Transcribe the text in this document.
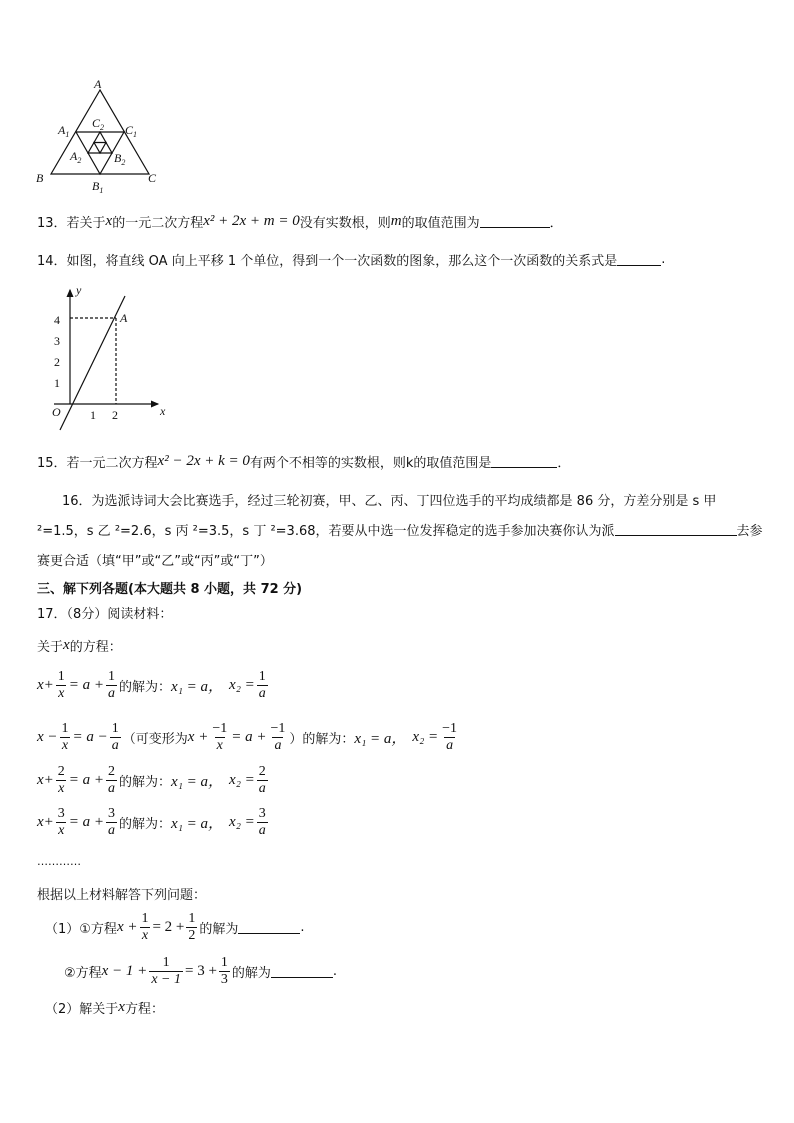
A
$A_1$
$C_2$ $C_1$
$A_2$	$B_2$
B
$B_1$
C
13．若关于 x 的一元二次方程 x² + 2x + m = 0 没有实数根，则 m 的取值范围为	．
14．如图，将直线 OA 向上平移 1 个单位，得到一个一次函数的图象，那么这个一次函数的关系式是	.
y
x
O
A
4
3
2
1
1 2
15．若一元二次方程 x² − 2x + k = 0 有两个不相等的实数根，则k的取值范围是	．
16．为选派诗词大会比赛选手，经过三轮初赛，甲、乙、丙、丁四位选手的平均成绩都是 86 分，方差分别是 s 甲
²=1.5，s 乙 ²=2.6，s 丙 ²=3.5，s 丁 ²=3.68，若要从中选一位发挥稳定的选手参加决赛你认为派	去参
赛更合适（填“甲”或“乙”或“丙”或“丁”）
三、解下列各题(本大题共 8 小题，共 72 分)
17．（8分）阅读材料：
关于 x 的方程：
$x+ \frac{1}{x} = a + \frac{1}{a}$ 的解为： x₁ = a， $x_2 = \frac{1}{a}$
$x - \frac{1}{x} = a - \frac{1}{a}$ （可变形为 $x + \frac{-1}{x} = a + \frac{-1}{a}$ ）的解为： x₁ = a， $x_2 = \frac{-1}{a}$
$x+ \frac{2}{x} = a + \frac{2}{a}$ 的解为： x₁ = a， $x_2 = \frac{2}{a}$
$x+ \frac{3}{x} = a + \frac{3}{a}$ 的解为： x₁ = a， $x_2 = \frac{3}{a}$
…………
根据以上材料解答下列问题：
（1）①方程 $x + \frac{1}{x} = 2 + \frac{1}{2}$ 的解为	.
②方程 $x - 1 + \frac{1}{x - 1} = 3 + \frac{1}{3}$ 的解为	.
（2）解关于 x 方程：
